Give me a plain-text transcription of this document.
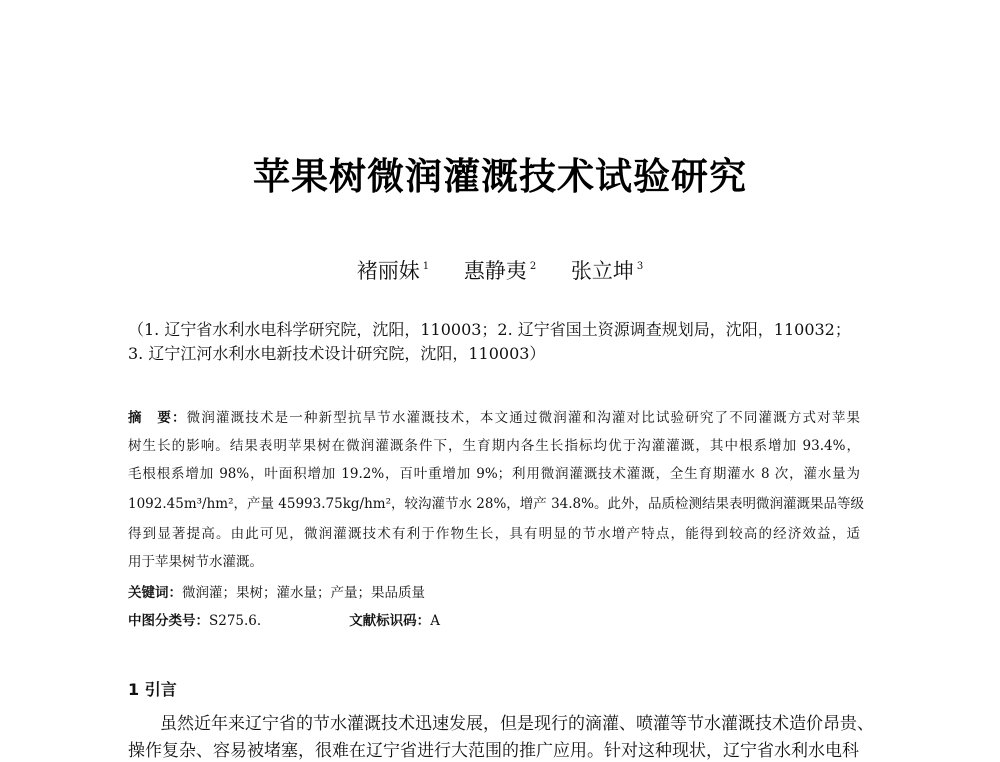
苹果树微润灌溉技术试验研究
褚丽妹 $^1$ 惠静夷 $^2$ 张立坤 $^3$
（1. 辽宁省水利水电科学研究院，沈阳，110003；2. 辽宁省国土资源调查规划局，沈阳，110032；
3. 辽宁江河水利水电新技术设计研究院，沈阳，110003）
摘　要：微润灌溉技术是一种新型抗旱节水灌溉技术，本文通过微润灌和沟灌对比试验研究了不同灌溉方式对苹果
树生长的影响。结果表明苹果树在微润灌溉条件下，生育期内各生长指标均优于沟灌灌溉，其中根系增加 93.4%，
毛根根系增加 98%，叶面积增加 19.2%，百叶重增加 9%；利用微润灌溉技术灌溉，全生育期灌水 8 次，灌水量为
1092.45m³/hm²，产量 45993.75kg/hm²，较沟灌节水 28%，增产 34.8%。此外，品质检测结果表明微润灌溉果品等级
得到显著提高。由此可见，微润灌溉技术有利于作物生长，具有明显的节水增产特点，能得到较高的经济效益，适
用于苹果树节水灌溉。
关键词：微润灌；果树；灌水量；产量；果品质量
中图分类号：S275.6.	文献标识码：A
1 引言
虽然近年来辽宁省的节水灌溉技术迅速发展，但是现行的滴灌、喷灌等节水灌溉技术造价昂贵、
操作复杂、容易被堵塞，很难在辽宁省进行大范围的推广应用。针对这种现状，辽宁省水利水电科
